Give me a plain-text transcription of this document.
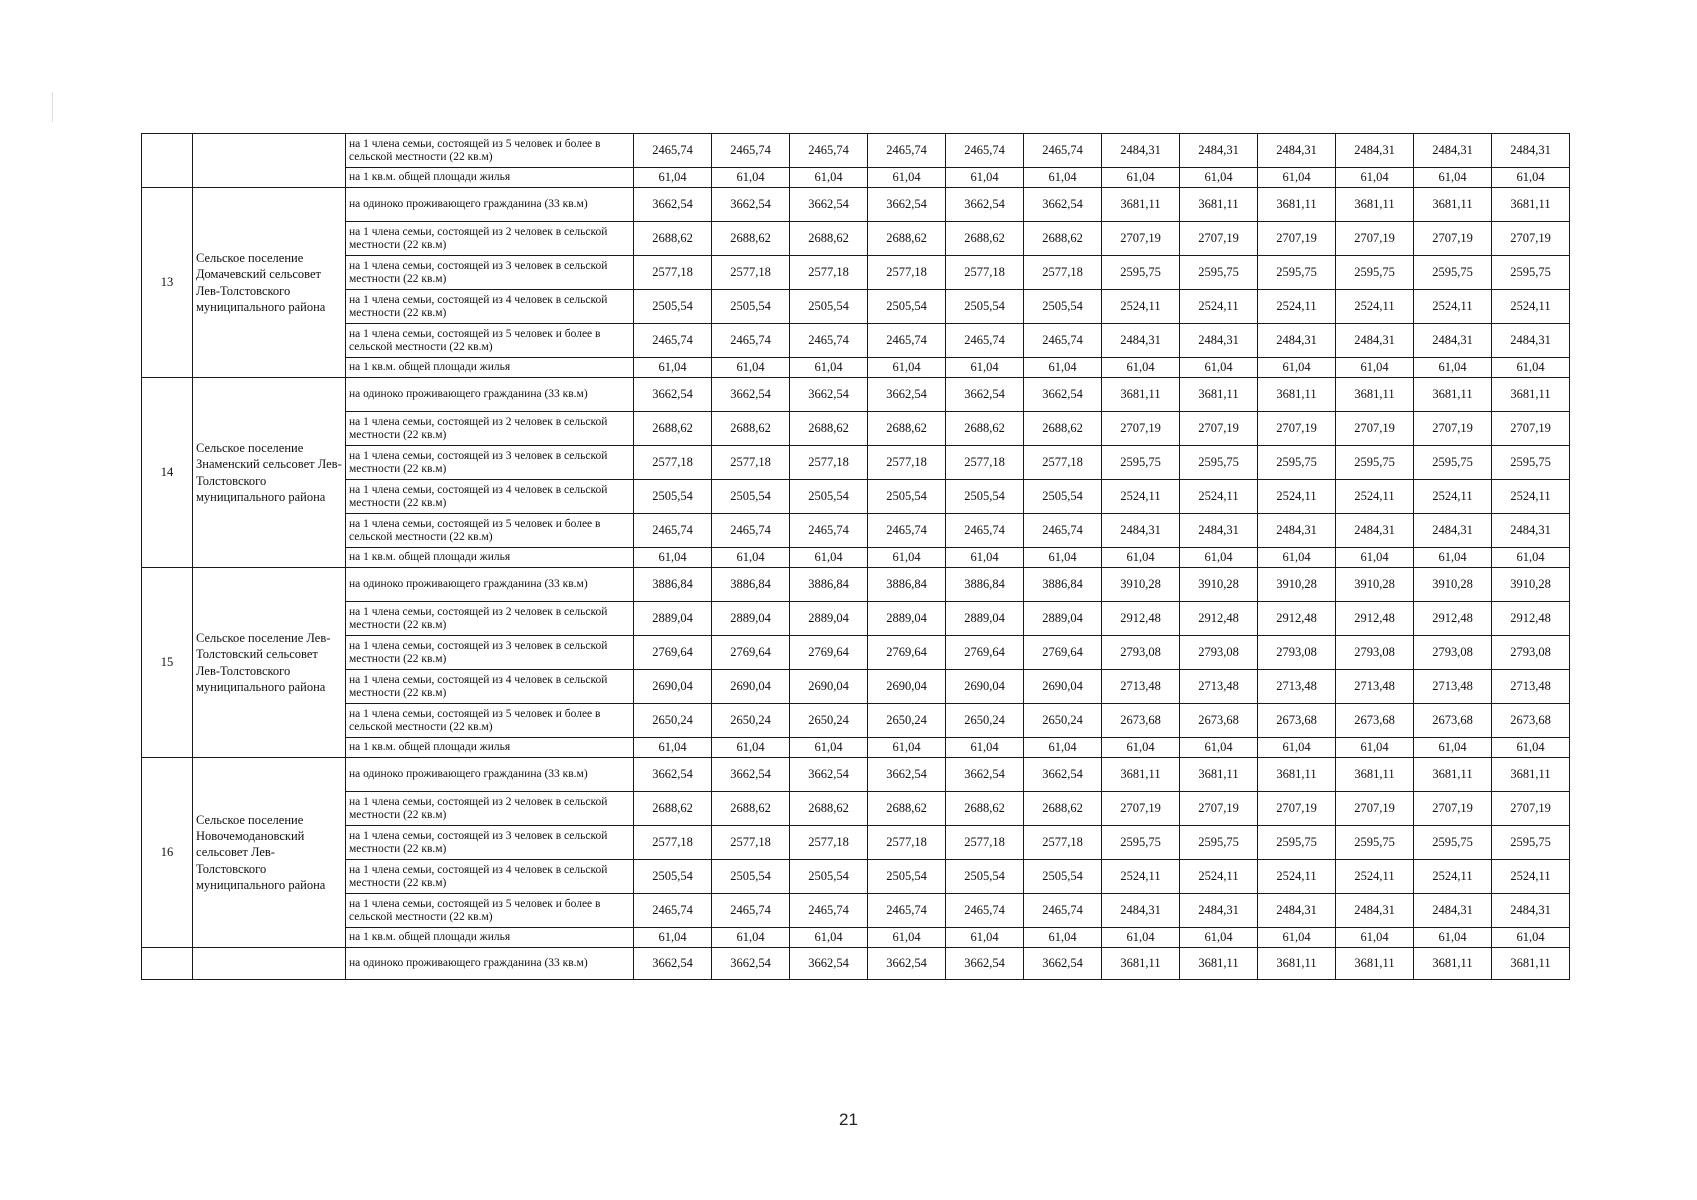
		на 1 члена семьи, состоящей из 5 человек и более в сельской местности (22 кв.м)	2465,74	2465,74	2465,74	2465,74	2465,74	2465,74	2484,31	2484,31	2484,31	2484,31	2484,31	2484,31

		на 1 кв.м. общей площади жилья	61,04	61,04	61,04	61,04	61,04	61,04	61,04	61,04	61,04	61,04	61,04	61,04
13	Сельское поселение Домачевский сельсовет Лев-Толстовского муниципального района	на одиноко проживающего гражданина (33 кв.м)	3662,54	3662,54	3662,54	3662,54	3662,54	3662,54	3681,11	3681,11	3681,11	3681,11	3681,11	3681,11

		на 1 члена семьи, состоящей из 2 человек в сельской местности (22 кв.м)	2688,62	2688,62	2688,62	2688,62	2688,62	2688,62	2707,19	2707,19	2707,19	2707,19	2707,19	2707,19

		на 1 члена семьи, состоящей из 3 человек в сельской местности (22 кв.м)	2577,18	2577,18	2577,18	2577,18	2577,18	2577,18	2595,75	2595,75	2595,75	2595,75	2595,75	2595,75

		на 1 члена семьи, состоящей из 4 человек в сельской местности (22 кв.м)	2505,54	2505,54	2505,54	2505,54	2505,54	2505,54	2524,11	2524,11	2524,11	2524,11	2524,11	2524,11

		на 1 члена семьи, состоящей из 5 человек и более в сельской местности (22 кв.м)	2465,74	2465,74	2465,74	2465,74	2465,74	2465,74	2484,31	2484,31	2484,31	2484,31	2484,31	2484,31

		на 1 кв.м. общей площади жилья	61,04	61,04	61,04	61,04	61,04	61,04	61,04	61,04	61,04	61,04	61,04	61,04
14	Сельское поселение Знаменский сельсовет Лев-Толстовского муниципального района	на одиноко проживающего гражданина (33 кв.м)	3662,54	3662,54	3662,54	3662,54	3662,54	3662,54	3681,11	3681,11	3681,11	3681,11	3681,11	3681,11

		на 1 члена семьи, состоящей из 2 человек в сельской местности (22 кв.м)	2688,62	2688,62	2688,62	2688,62	2688,62	2688,62	2707,19	2707,19	2707,19	2707,19	2707,19	2707,19

		на 1 члена семьи, состоящей из 3 человек в сельской местности (22 кв.м)	2577,18	2577,18	2577,18	2577,18	2577,18	2577,18	2595,75	2595,75	2595,75	2595,75	2595,75	2595,75

		на 1 члена семьи, состоящей из 4 человек в сельской местности (22 кв.м)	2505,54	2505,54	2505,54	2505,54	2505,54	2505,54	2524,11	2524,11	2524,11	2524,11	2524,11	2524,11

		на 1 члена семьи, состоящей из 5 человек и более в сельской местности (22 кв.м)	2465,74	2465,74	2465,74	2465,74	2465,74	2465,74	2484,31	2484,31	2484,31	2484,31	2484,31	2484,31

		на 1 кв.м. общей площади жилья	61,04	61,04	61,04	61,04	61,04	61,04	61,04	61,04	61,04	61,04	61,04	61,04
15	Сельское поселение Лев-Толстовский сельсовет Лев-Толстовского муниципального района	на одиноко проживающего гражданина (33 кв.м)	3886,84	3886,84	3886,84	3886,84	3886,84	3886,84	3910,28	3910,28	3910,28	3910,28	3910,28	3910,28

		на 1 члена семьи, состоящей из 2 человек в сельской местности (22 кв.м)	2889,04	2889,04	2889,04	2889,04	2889,04	2889,04	2912,48	2912,48	2912,48	2912,48	2912,48	2912,48

		на 1 члена семьи, состоящей из 3 человек в сельской местности (22 кв.м)	2769,64	2769,64	2769,64	2769,64	2769,64	2769,64	2793,08	2793,08	2793,08	2793,08	2793,08	2793,08

		на 1 члена семьи, состоящей из 4 человек в сельской местности (22 кв.м)	2690,04	2690,04	2690,04	2690,04	2690,04	2690,04	2713,48	2713,48	2713,48	2713,48	2713,48	2713,48

		на 1 члена семьи, состоящей из 5 человек и более в сельской местности (22 кв.м)	2650,24	2650,24	2650,24	2650,24	2650,24	2650,24	2673,68	2673,68	2673,68	2673,68	2673,68	2673,68

		на 1 кв.м. общей площади жилья	61,04	61,04	61,04	61,04	61,04	61,04	61,04	61,04	61,04	61,04	61,04	61,04
16	Сельское поселение Новочемодановский сельсовет Лев-Толстовского муниципального района	на одиноко проживающего гражданина (33 кв.м)	3662,54	3662,54	3662,54	3662,54	3662,54	3662,54	3681,11	3681,11	3681,11	3681,11	3681,11	3681,11

		на 1 члена семьи, состоящей из 2 человек в сельской местности (22 кв.м)	2688,62	2688,62	2688,62	2688,62	2688,62	2688,62	2707,19	2707,19	2707,19	2707,19	2707,19	2707,19

		на 1 члена семьи, состоящей из 3 человек в сельской местности (22 кв.м)	2577,18	2577,18	2577,18	2577,18	2577,18	2577,18	2595,75	2595,75	2595,75	2595,75	2595,75	2595,75

		на 1 члена семьи, состоящей из 4 человек в сельской местности (22 кв.м)	2505,54	2505,54	2505,54	2505,54	2505,54	2505,54	2524,11	2524,11	2524,11	2524,11	2524,11	2524,11

		на 1 члена семьи, состоящей из 5 человек и более в сельской местности (22 кв.м)	2465,74	2465,74	2465,74	2465,74	2465,74	2465,74	2484,31	2484,31	2484,31	2484,31	2484,31	2484,31

		на 1 кв.м. общей площади жилья	61,04	61,04	61,04	61,04	61,04	61,04	61,04	61,04	61,04	61,04	61,04	61,04

		на одиноко проживающего гражданина (33 кв.м)	3662,54	3662,54	3662,54	3662,54	3662,54	3662,54	3681,11	3681,11	3681,11	3681,11	3681,11	3681,11
21
